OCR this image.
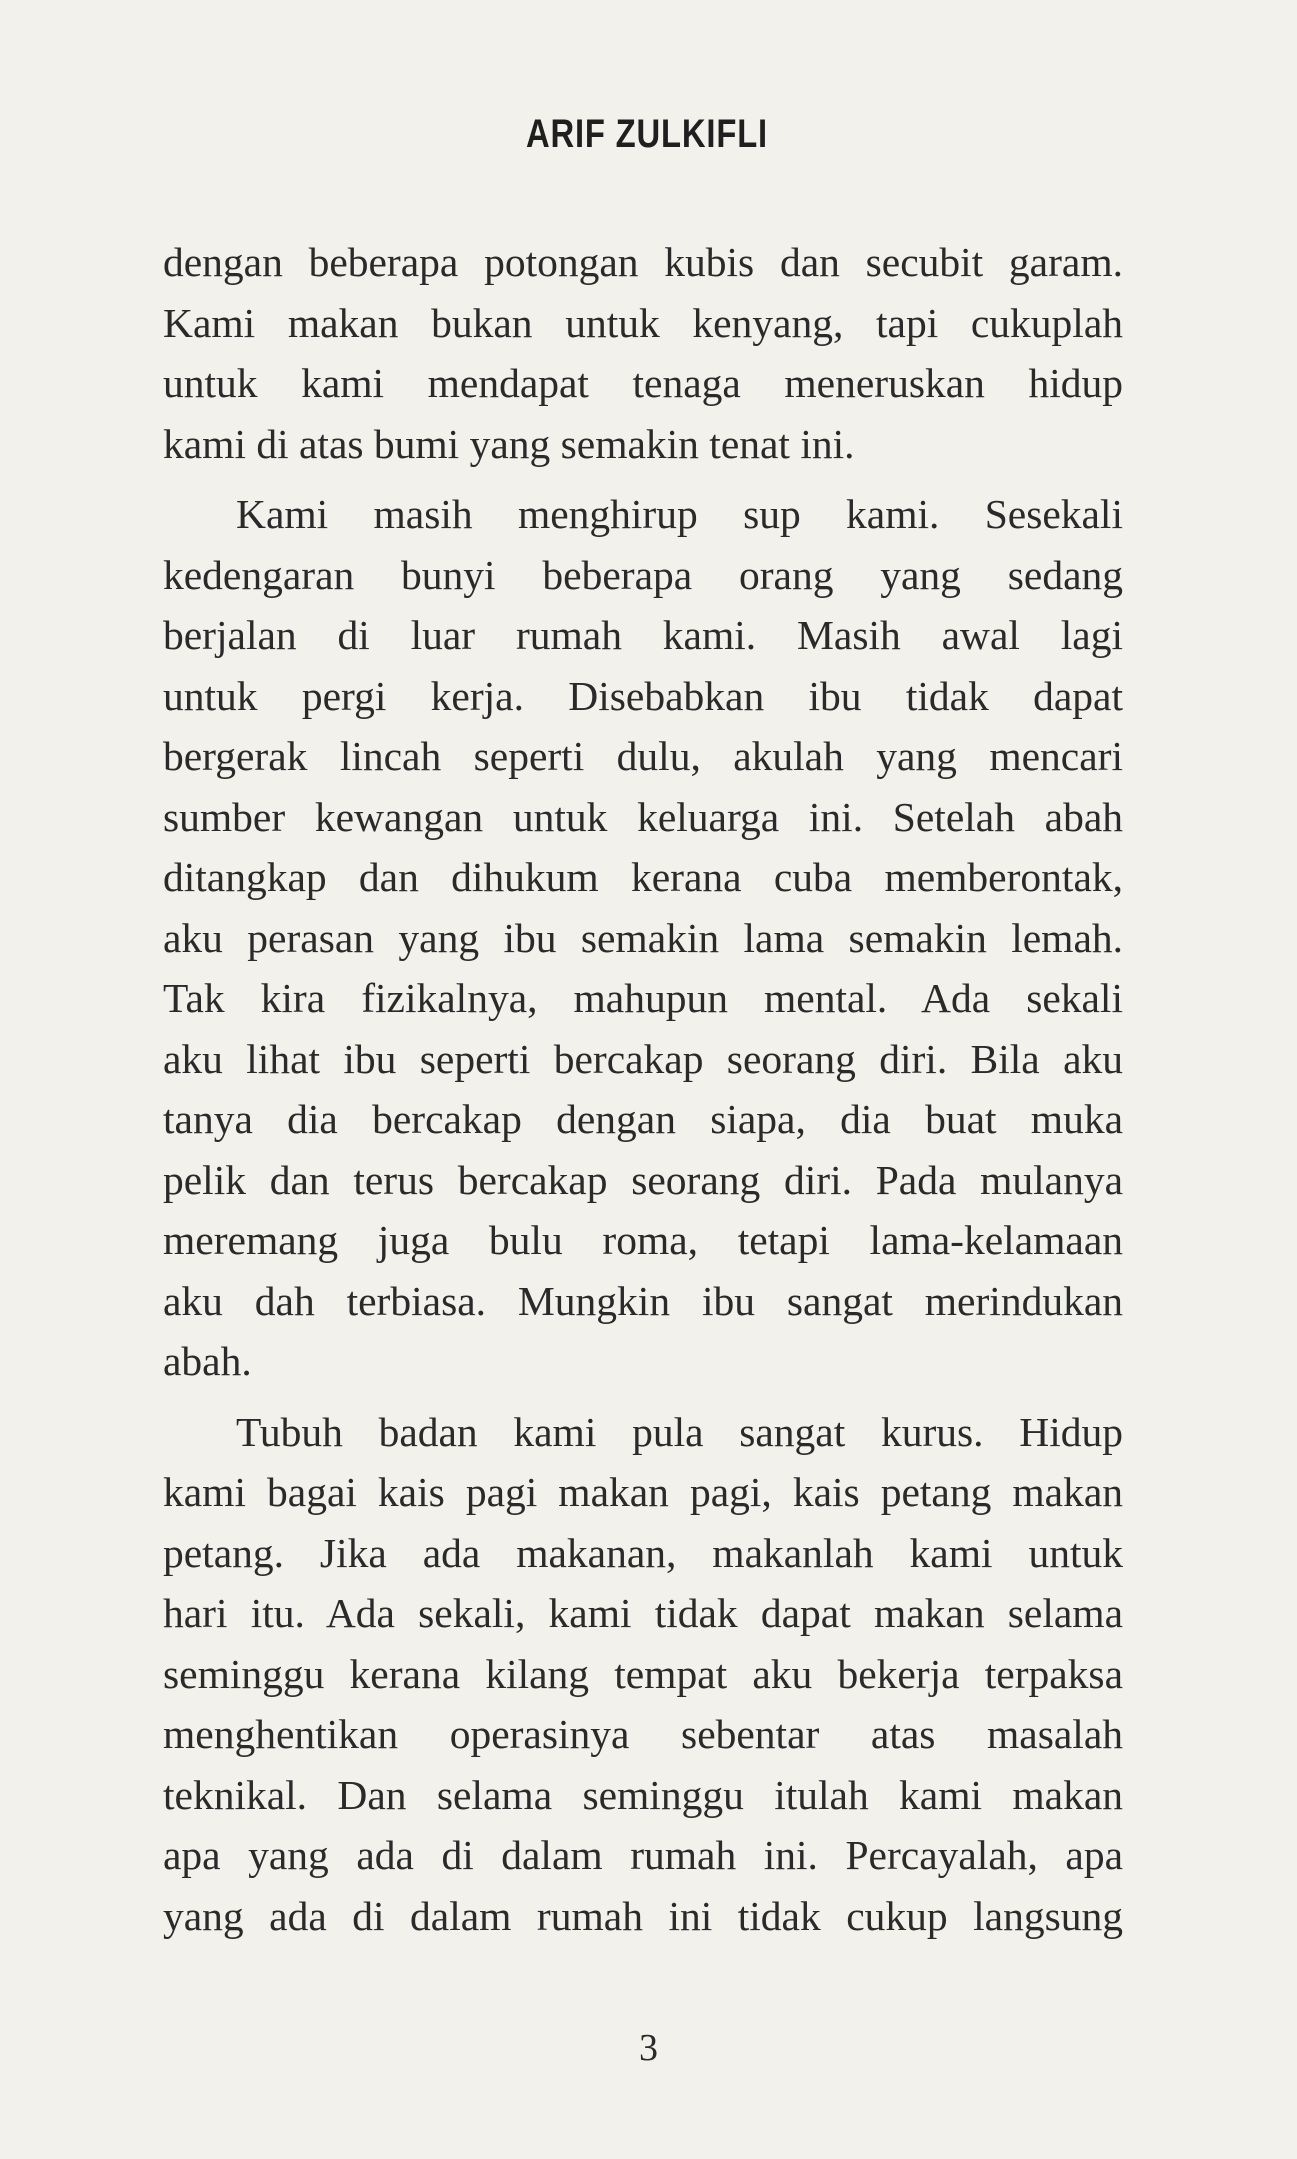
ARIF ZULKIFLI

dengan beberapa potongan kubis dan secubit garam.

Kami makan bukan untuk kenyang, tapi cukuplah

untuk kami mendapat tenaga meneruskan hidup

kami di atas bumi yang semakin tenat ini.

Kami masih menghirup sup kami. Sesekali

kedengaran bunyi beberapa orang yang sedang

berjalan di luar rumah kami. Masih awal lagi

untuk pergi kerja. Disebabkan ibu tidak dapat

bergerak lincah seperti dulu, akulah yang mencari

sumber kewangan untuk keluarga ini. Setelah abah

ditangkap dan dihukum kerana cuba memberontak,

aku perasan yang ibu semakin lama semakin lemah.

Tak kira fizikalnya, mahupun mental. Ada sekali

aku lihat ibu seperti bercakap seorang diri. Bila aku

tanya dia bercakap dengan siapa, dia buat muka

pelik dan terus bercakap seorang diri. Pada mulanya

meremang juga bulu roma, tetapi lama-kelamaan

aku dah terbiasa. Mungkin ibu sangat merindukan

abah.

Tubuh badan kami pula sangat kurus. Hidup

kami bagai kais pagi makan pagi, kais petang makan

petang. Jika ada makanan, makanlah kami untuk

hari itu. Ada sekali, kami tidak dapat makan selama

seminggu kerana kilang tempat aku bekerja terpaksa

menghentikan operasinya sebentar atas masalah

teknikal. Dan selama seminggu itulah kami makan

apa yang ada di dalam rumah ini. Percayalah, apa

yang ada di dalam rumah ini tidak cukup langsung

3
